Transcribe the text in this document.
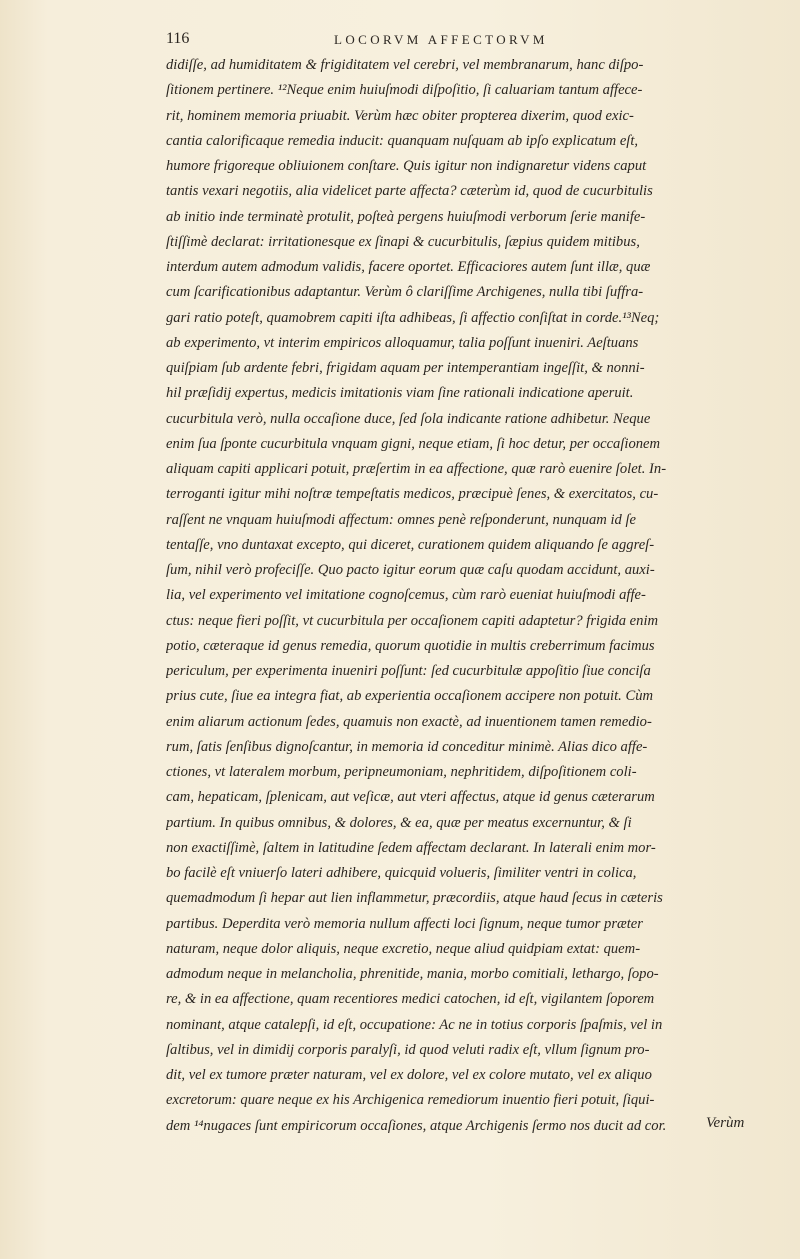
116	LOCORVM AFFECTORVM
didiſſe, ad humiditatem & frigiditatem vel cerebri, vel membranarum, hanc diſpo-
ſitionem pertinere. ¹²Neque enim huiuſmodi diſpoſitio, ſi caluariam tantum affece-
rit, hominem memoria priuabit. Verùm hæc obiter propterea dixerim, quod exic-
cantia calorificaque remedia inducit: quanquam nuſquam ab ipſo explicatum eſt,
humore frigoreque obliuionem conſtare. Quis igitur non indignaretur videns caput
tantis vexari negotiis, alia videlicet parte affecta? cæterùm id, quod de cucurbitulis
ab initio inde terminatè protulit, poſteà pergens huiuſmodi verborum ſerie manife-
ſtiſſimè declarat: irritationesque ex ſinapi & cucurbitulis, ſæpius quidem mitibus,
interdum autem admodum validis, facere oportet. Efficaciores autem ſunt illæ, quæ
cum ſcarificationibus adaptantur. Verùm ô clariſſime Archigenes, nulla tibi ſuffra-
gari ratio poteſt, quamobrem capiti iſta adhibeas, ſi affectio conſiſtat in corde.¹³Neq;
ab experimento, vt interim empiricos alloquamur, talia poſſunt inueniri. Aeſtuans
quiſpiam ſub ardente febri, frigidam aquam per intemperantiam ingeſſit, & nonni-
hil præſidij expertus, medicis imitationis viam ſine rationali indicatione aperuit.
cucurbitula verò, nulla occaſione duce, ſed ſola indicante ratione adhibetur. Neque
enim ſua ſponte cucurbitula vnquam gigni, neque etiam, ſi hoc detur, per occaſionem
aliquam capiti applicari potuit, præſertim in ea affectione, quæ rarò euenire ſolet. In-
terroganti igitur mihi noſtræ tempeſtatis medicos, præcipuè ſenes, & exercitatos, cu-
raſſent ne vnquam huiuſmodi affectum: omnes penè reſponderunt, nunquam id ſe
tentaſſe, vno duntaxat excepto, qui diceret, curationem quidem aliquando ſe aggreſ-
ſum, nihil verò profeciſſe. Quo pacto igitur eorum quæ caſu quodam accidunt, auxi-
lia, vel experimento vel imitatione cognoſcemus, cùm rarò eueniat huiuſmodi affe-
ctus: neque fieri poſſit, vt cucurbitula per occaſionem capiti adaptetur? frigida enim
potio, cæteraque id genus remedia, quorum quotidie in multis creberrimum facimus
periculum, per experimenta inueniri poſſunt: ſed cucurbitulæ appoſitio ſiue conciſa
prius cute, ſiue ea integra fiat, ab experientia occaſionem accipere non potuit. Cùm
enim aliarum actionum ſedes, quamuis non exactè, ad inuentionem tamen remedio-
rum, ſatis ſenſibus dignoſcantur, in memoria id conceditur minimè. Alias dico affe-
ctiones, vt lateralem morbum, peripneumoniam, nephritidem, diſpoſitionem coli-
cam, hepaticam, ſplenicam, aut veſicæ, aut vteri affectus, atque id genus cæterarum
partium. In quibus omnibus, & dolores, & ea, quæ per meatus excernuntur, & ſi
non exactiſſimè, ſaltem in latitudine ſedem affectam declarant. In laterali enim mor-
bo facilè eſt vniuerſo lateri adhibere, quicquid volueris, ſimiliter ventri in colica,
quemadmodum ſi hepar aut lien inflammetur, præcordiis, atque haud ſecus in cæteris
partibus. Deperdita verò memoria nullum affecti loci ſignum, neque tumor præter
naturam, neque dolor aliquis, neque excretio, neque aliud quidpiam extat: quem-
admodum neque in melancholia, phrenitide, mania, morbo comitiali, lethargo, ſopo-
re, & in ea affectione, quam recentiores medici catochen, id eſt, vigilantem ſoporem
nominant, atque catalepſi, id eſt, occupatione: Ac ne in totius corporis ſpaſmis, vel in
ſaltibus, vel in dimidij corporis paralyſi, id quod veluti radix eſt, vllum ſignum pro-
dit, vel ex tumore præter naturam, vel ex dolore, vel ex colore mutato, vel ex aliquo
excretorum: quare neque ex his Archigenica remediorum inuentio fieri potuit, ſiqui-
dem ¹⁴nugaces ſunt empiricorum occaſiones, atque Archigenis ſermo nos ducit ad cor.	Verùm
